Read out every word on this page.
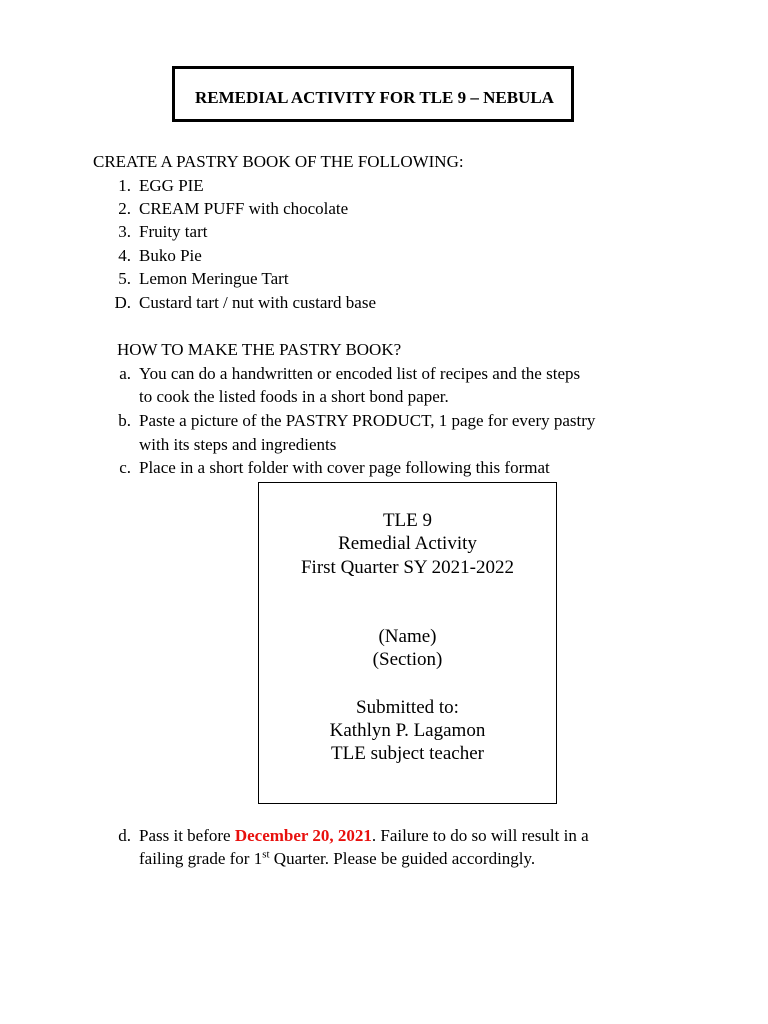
REMEDIAL ACTIVITY FOR TLE 9 – NEBULA
CREATE A PASTRY BOOK OF THE FOLLOWING:
1. EGG PIE
2. CREAM PUFF with chocolate
3. Fruity tart
4. Buko Pie
5. Lemon Meringue Tart
D. Custard tart / nut with custard base
HOW TO MAKE THE PASTRY BOOK?
a. You can do a handwritten or encoded list of recipes and the steps
to cook the listed foods in a short bond paper.
b. Paste a picture of the PASTRY PRODUCT, 1 page for every pastry
with its steps and ingredients
c. Place in a short folder with cover page following this format
TLE 9
Remedial Activity
First Quarter SY 2021-2022
(Name)
(Section)
Submitted to:
Kathlyn P. Lagamon
TLE subject teacher
d. Pass it before December 20, 2021. Failure to do so will result in a
failing grade for 1st Quarter. Please be guided accordingly.
